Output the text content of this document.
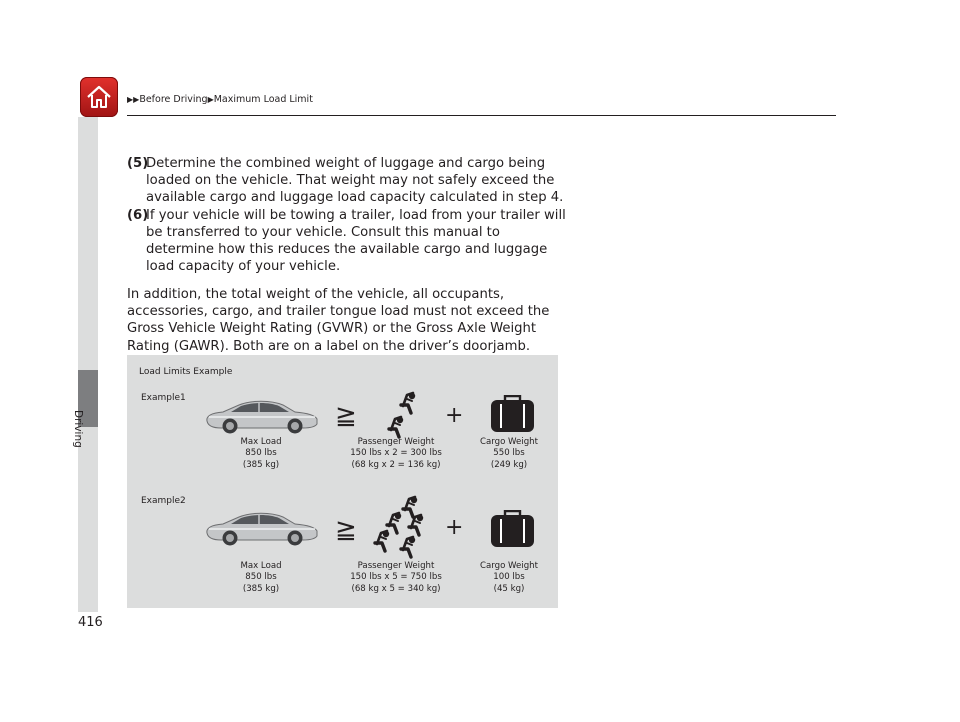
▶▶Before Driving▶Maximum Load Limit
Driving
416
(5)
Determine the combined weight of luggage and cargo being loaded on the vehicle. That weight may not safely exceed the available cargo and luggage load capacity calculated in step 4.
(6)
If your vehicle will be towing a trailer, load from your trailer will be transferred to your vehicle. Consult this manual to determine how this reduces the available cargo and luggage load capacity of your vehicle.
In addition, the total weight of the vehicle, all occupants, accessories, cargo, and trailer tongue load must not exceed the Gross Vehicle Weight Rating (GVWR) or the Gross Axle Weight Rating (GAWR). Both are on a label on the driver’s doorjamb.
Load Limits Example
Example1
≧	+
Max Load
850 lbs
(385 kg)
Passenger Weight
150 lbs x 2 = 300 lbs
(68 kg x 2 = 136 kg)
Cargo Weight
550 lbs
(249 kg)
Example2
≧	+
Max Load
850 lbs
(385 kg)
Passenger Weight
150 lbs x 5 = 750 lbs
(68 kg x 5 = 340 kg)
Cargo Weight
100 lbs
(45 kg)
